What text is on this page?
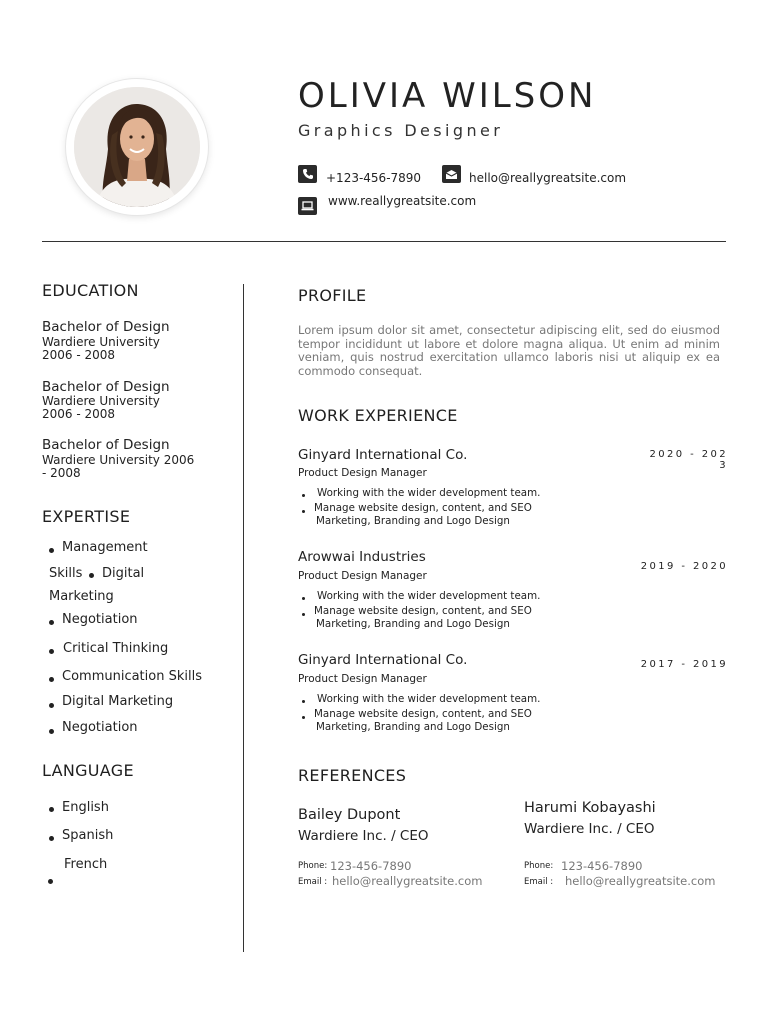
OLIVIA WILSON
Graphics Designer
+123-456-7890	hello@reallygreatsite.com
www.reallygreatsite.com
EDUCATION
Bachelor of Design
Wardiere University
2006 - 2008
Bachelor of Design
Wardiere University
2006 - 2008
Bachelor of Design
Wardiere University 2006
- 2008
EXPERTISE
Management
Skills Digital
Marketing
Negotiation
Critical Thinking
Communication Skills
Digital Marketing
Negotiation
LANGUAGE
English
Spanish
French
PROFILE
Lorem ipsum dolor sit amet, consectetur adipiscing elit, sed do eiusmod tempor incididunt ut labore et dolore magna aliqua. Ut enim ad minim veniam, quis nostrud exercitation ullamco laboris nisi ut aliquip ex ea commodo consequat.
WORK EXPERIENCE
Ginyard International Co.
Product Design Manager
2020 - 202
3
Working with the wider development team.
Manage website design, content, and SEO
Marketing, Branding and Logo Design
Arowwai Industries
Product Design Manager
2019 - 2020
Working with the wider development team.
Manage website design, content, and SEO
Marketing, Branding and Logo Design
Ginyard International Co.
Product Design Manager
2017 - 2019
Working with the wider development team.
Manage website design, content, and SEO
Marketing, Branding and Logo Design
REFERENCES
Bailey Dupont
Wardiere Inc. / CEO
Phone: 123-456-7890
Email : hello@reallygreatsite.com
Harumi Kobayashi
Wardiere Inc. / CEO
Phone: 123-456-7890
Email : hello@reallygreatsite.com
